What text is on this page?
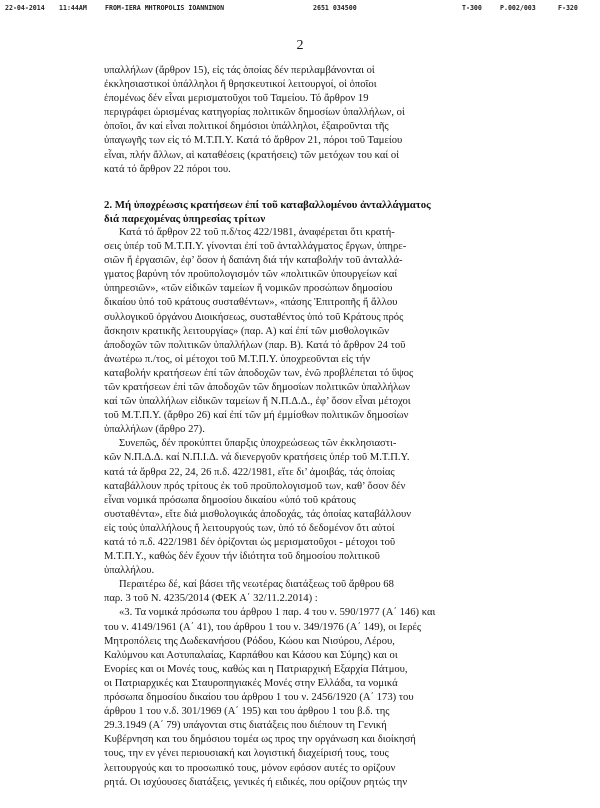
22-04-2014 11:44AM	FROM-IERA MHTROPOLIS IOANNINON	2651 034500	T-300	P.002/003	F-320
2
υπαλλήλων (ἄρθρον 15), εἰς τάς ὁποίας δέν περιλαμβάνονται οἱ
ἐκκλησιαστικοί ὑπάλληλοι ἤ θρησκευτικοί λειτουργοί, οἱ ὁποῖοι
ἑπομένως δέν εἶναι μερισματοῦχοι τοῦ Ταμείου. Τό ἄρθρον 19
περιγράφει ὡρισμένας κατηγορίας πολιτικῶν δημοσίων ὑπαλλήλων, οἱ
ὁποῖοι, ἄν καί εἶναι πολιτικοί δημόσιοι ὑπάλληλοι, ἐξαιροῦνται τῆς
ὑπαγωγῆς των εἰς τό Μ.Τ.Π.Υ. Κατά τό ἄρθρον 21, πόροι τοῦ Ταμείου
εἶναι, πλήν ἄλλων, αἱ καταθέσεις (κρατήσεις) τῶν μετόχων του καί οἱ
κατά τό ἄρθρον 22 πόροι του.
2. Μή ὑποχρέωσις κρατήσεων ἐπί τοῦ καταβαλλομένου ἀνταλλάγματος
διά παρεχομένας ὑπηρεσίας τρίτων
Κατά τό ἄρθρον 22 τοῦ π.δ/τος 422/1981, ἀναφέρεται ὅτι κρατή-
σεις ὑπέρ τοῦ Μ.Τ.Π.Υ. γίνονται ἐπί τοῦ ἀνταλλάγματος ἔργων, ὑπηρε-
σιῶν ἤ ἐργασιῶν, ἐφ’ ὅσον ἡ δαπάνη διά τήν καταβολήν τοῦ ἀνταλλά-
γματος βαρύνη τόν προϋπολογισμόν τῶν «πολιτικῶν ὑπουργείων καί
ὑπηρεσιῶν», «τῶν εἰδικῶν ταμείων ἤ νομικῶν προσώπων δημοσίου
δικαίου ὑπό τοῦ κράτους συσταθέντων», «πάσης Ἐπιτροπῆς ἤ ἄλλου
συλλογικοῦ ὀργάνου Διοικήσεως, συσταθέντος ὑπό τοῦ Κράτους πρός
ἄσκησιν κρατικῆς λειτουργίας» (παρ. Α) καί ἐπί τῶν μισθολογικῶν
ἀποδοχῶν τῶν πολιτικῶν ὑπαλλήλων (παρ. Β). Κατά τό ἄρθρον 24 τοῦ
ἀνωτέρω π./τος, οἱ μέτοχοι τοῦ Μ.Τ.Π.Υ. ὑποχρεοῦνται εἰς τήν
καταβολήν κρατήσεων ἐπί τῶν ἀποδοχῶν των, ἐνῶ προβλέπεται τό ὕψος
τῶν κρατήσεων ἐπί τῶν ἀποδοχῶν τῶν δημοσίων πολιτικῶν ὑπαλλήλων
καί τῶν ὑπαλλήλων εἰδικῶν ταμείων ἤ Ν.Π.Δ.Δ., ἐφ’ ὅσον εἶναι μέτοχοι
τοῦ Μ.Τ.Π.Υ. (ἄρθρο 26) καί ἐπί τῶν μή ἐμμίσθων πολιτικῶν δημοσίων
ὑπαλλήλων (ἄρθρο 27).
Συνεπῶς, δέν προκύπτει ὕπαρξις ὑποχρεώσεως τῶν ἐκκλησιαστι-
κῶν Ν.Π.Δ.Δ. καί Ν.Π.Ι.Δ. νά διενεργοῦν κρατήσεις ὑπέρ τοῦ Μ.Τ.Π.Υ.
κατά τά ἄρθρα 22, 24, 26 π.δ. 422/1981, εἴτε δι’ ἀμοιβάς, τάς ὁποίας
καταβάλλουν πρός τρίτους ἐκ τοῦ προϋπολογισμοῦ των, καθ’ ὅσον δέν
εἶναι νομικά πρόσωπα δημοσίου δικαίου «ὑπό τοῦ κράτους
συσταθέντα», εἴτε διά μισθολογικάς ἀποδοχάς, τάς ὁποίας καταβάλλουν
εἰς τούς ὑπαλλήλους ἤ λειτουργούς των, ὑπό τό δεδομένον ὅτι αὐτοί
κατά τό π.δ. 422/1981 δέν ὁρίζονται ὡς μερισματοῦχοι - μέτοχοι τοῦ
Μ.Τ.Π.Υ., καθώς δέν ἔχουν τήν ἰδιότητα τοῦ δημοσίου πολιτικοῦ
ὑπαλλήλου.
Περαιτέρω δέ, καί βάσει τῆς νεωτέρας διατάξεως τοῦ ἄρθρου 68
παρ. 3 τοῦ Ν. 4235/2014 (ΦΕΚ Α΄ 32/11.2.2014) :
«3. Τα νομικά πρόσωπα του άρθρου 1 παρ. 4 του ν. 590/1977 (Α΄ 146) και
του ν. 4149/1961 (Α΄ 41), του άρθρου 1 του ν. 349/1976 (Α΄ 149), οι Ιερές
Μητροπόλεις της Δωδεκανήσου (Ρόδου, Κώου και Νισύρου, Λέρου,
Καλύμνου και Αστυπαλαίας, Καρπάθου και Κάσου και Σύμης) και οι
Ενορίες και οι Μονές τους, καθώς και η Πατριαρχική Εξαρχία Πάτμου,
οι Πατριαρχικές και Σταυροπηγιακές Μονές στην Ελλάδα, τα νομικά
πρόσωπα δημοσίου δικαίου του άρθρου 1 του ν. 2456/1920 (Α΄ 173) του
άρθρου 1 του ν.δ. 301/1969 (Α΄ 195) και του άρθρου 1 του β.δ. της
29.3.1949 (Α΄ 79) υπάγονται στις διατάξεις που διέπουν τη Γενική
Κυβέρνηση και του δημόσιου τομέα ως προς την οργάνωση και διοίκησή
τους, την εν γένει περιουσιακή και λογιστική διαχείρισή τους, τους
λειτουργούς και το προσωπικό τους, μόνον εφόσον αυτές το ορίζουν
ρητά. Οι ισχύουσες διατάξεις, γενικές ή ειδικές, που ορίζουν ρητώς την
